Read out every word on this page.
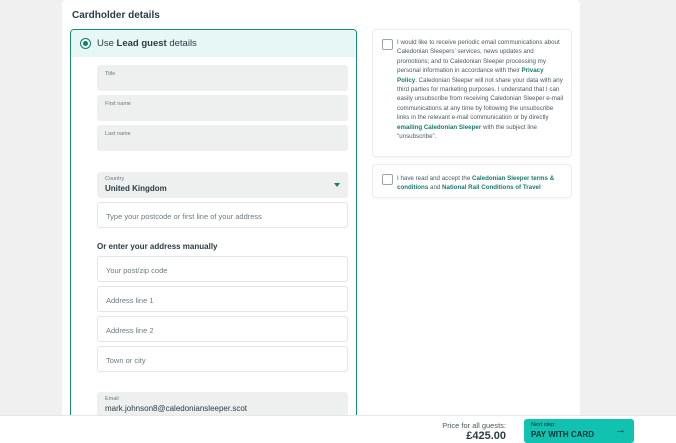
Cardholder details
Use Lead guest details
Title
First name
Last name
Country
United Kingdom
Type your postcode or first line of your address
Or enter your address manually
Your post/zip code
Address line 1
Address line 2
Town or city
Email
mark.johnson8@caledoniansleeper.scot
I would like to receive periodic email communications about Caledonian Sleepers' services, news updates and promotions; and to Caledonian Sleeper processing my personal information in accordance with their Privacy Policy. Caledonian Sleeper will not share your data with any third parties for marketing purposes. I understand that I can easily unsubscribe from receiving Caledonian Sleeper e-mail communications at any time by following the unsubscribe links in the relevant e-mail communication or by directly emailing Caledonian Sleeper with the subject line "unsubscribe".
I have read and accept the Caledonian Sleeper terms & conditions and National Rail Conditions of Travel
Price for all guests:
£425.00
Next step:
PAY WITH CARD →
